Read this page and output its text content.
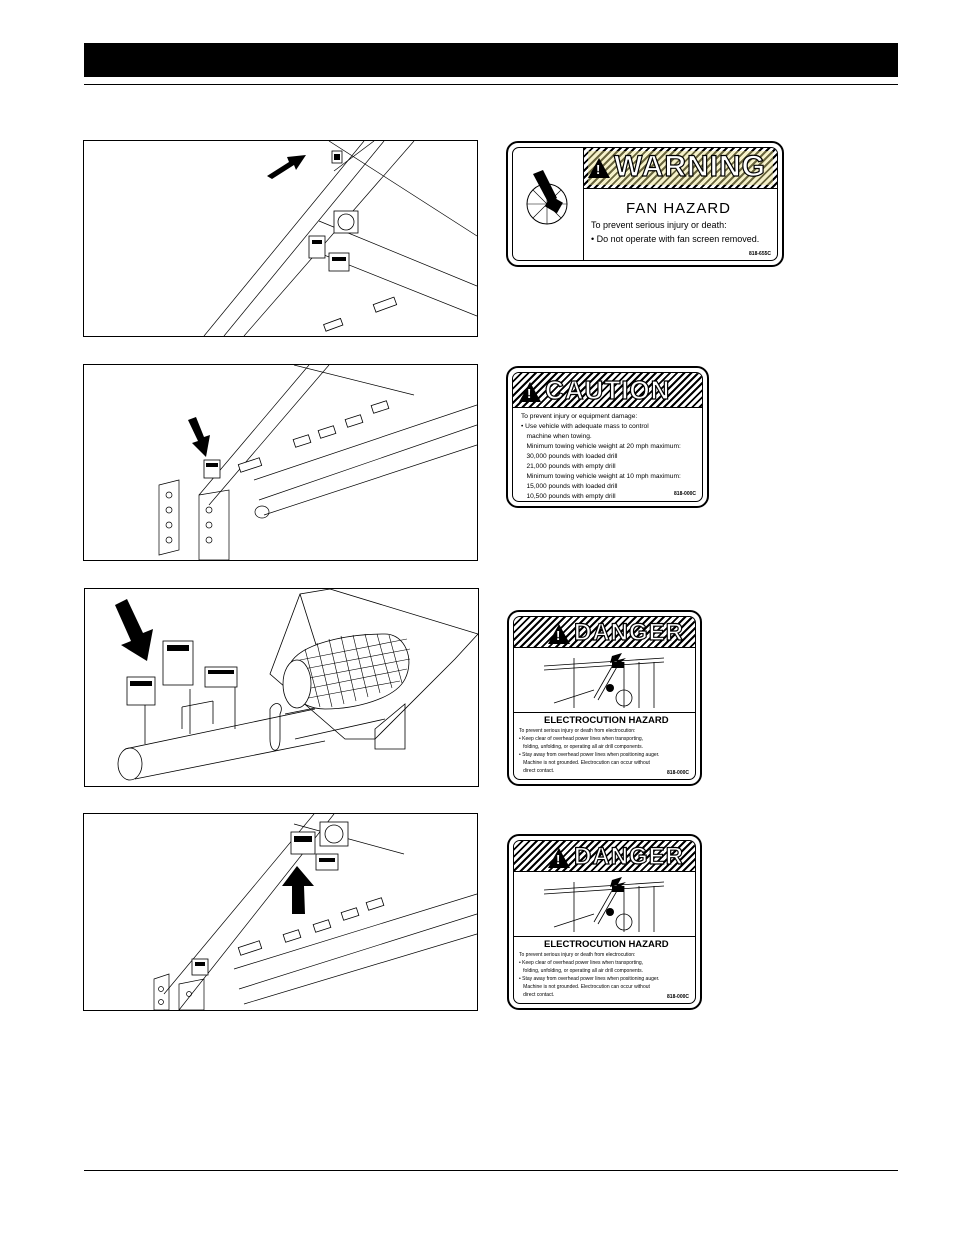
!WARNING
FAN HAZARD
To prevent serious injury or death:
• Do not operate with fan screen removed.
818-655C
!CAUTION
To prevent injury or equipment damage:
• Use vehicle with adequate mass to control
machine when towing.
Minimum towing vehicle weight at 20 mph maximum:
30,000 pounds with loaded drill
21,000 pounds with empty drill
Minimum towing vehicle weight at 10 mph maximum:
15,000 pounds with loaded drill
10,500 pounds with empty drill	818-000C
!DANGER
ELECTROCUTION HAZARD
To prevent serious injury or death from electrocution:
• Keep clear of overhead power lines when transporting,
folding, unfolding, or operating all air drill components.
• Stay away from overhead power lines when positioning auger.
Machine is not grounded. Electrocution can occur without
direct contact.	818-000C
!DANGER
ELECTROCUTION HAZARD
To prevent serious injury or death from electrocution:
• Keep clear of overhead power lines when transporting,
folding, unfolding, or operating all air drill components.
• Stay away from overhead power lines when positioning auger.
Machine is not grounded. Electrocution can occur without
direct contact.	818-000C
